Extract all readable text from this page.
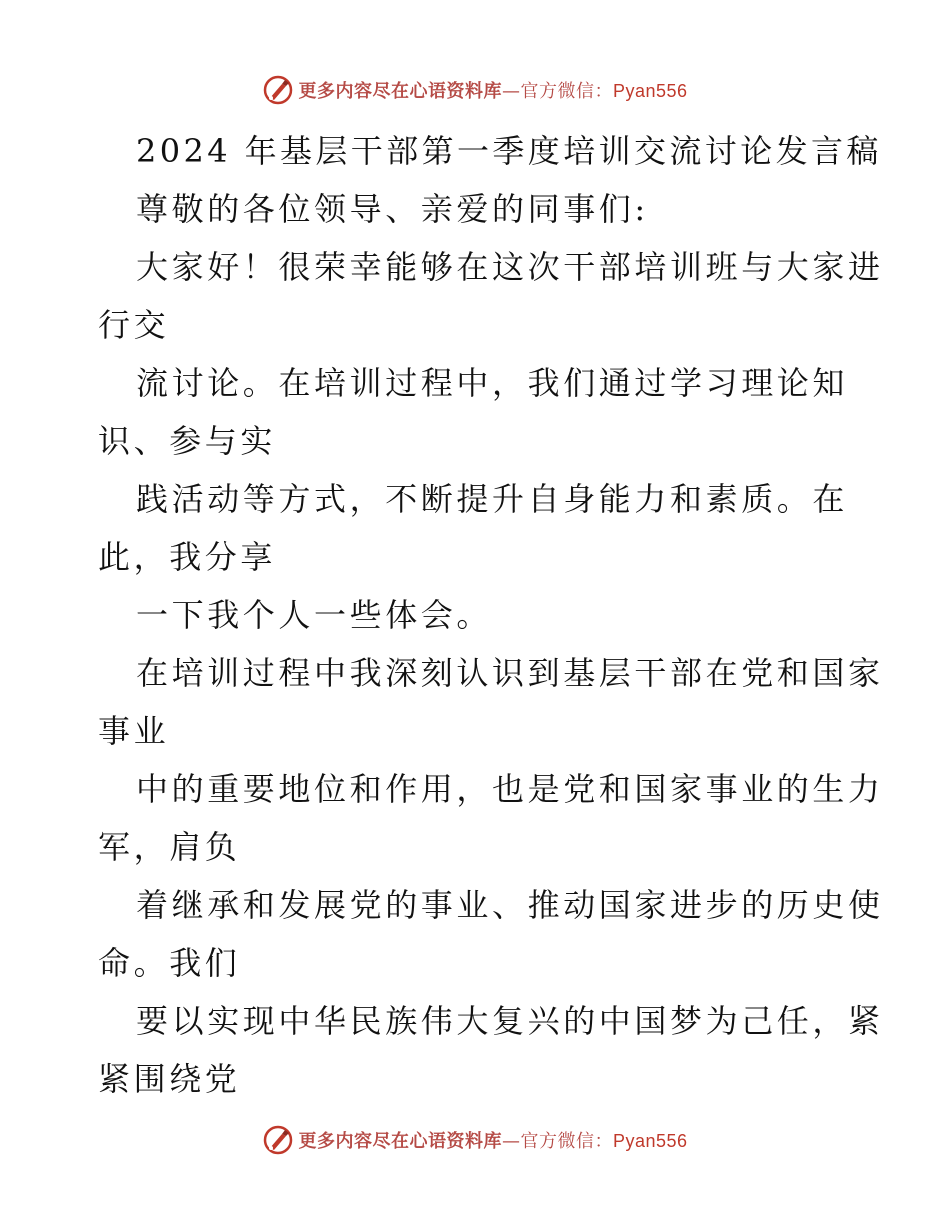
更多内容尽在心语资料库—官方微信：Pyan556
2024 年基层干部第一季度培训交流讨论发言稿
尊敬的各位领导、亲爱的同事们:
大家好！很荣幸能够在这次干部培训班与大家进
行交
流讨论。在培训过程中，我们通过学习理论知
识、参与实
践活动等方式，不断提升自身能力和素质。在
此，我分享
一下我个人一些体会。
在培训过程中我深刻认识到基层干部在党和国家
事业
中的重要地位和作用，也是党和国家事业的生力
军，肩负
着继承和发展党的事业、推动国家进步的历史使
命。我们
要以实现中华民族伟大复兴的中国梦为己任，紧
紧围绕党
更多内容尽在心语资料库—官方微信：Pyan556
